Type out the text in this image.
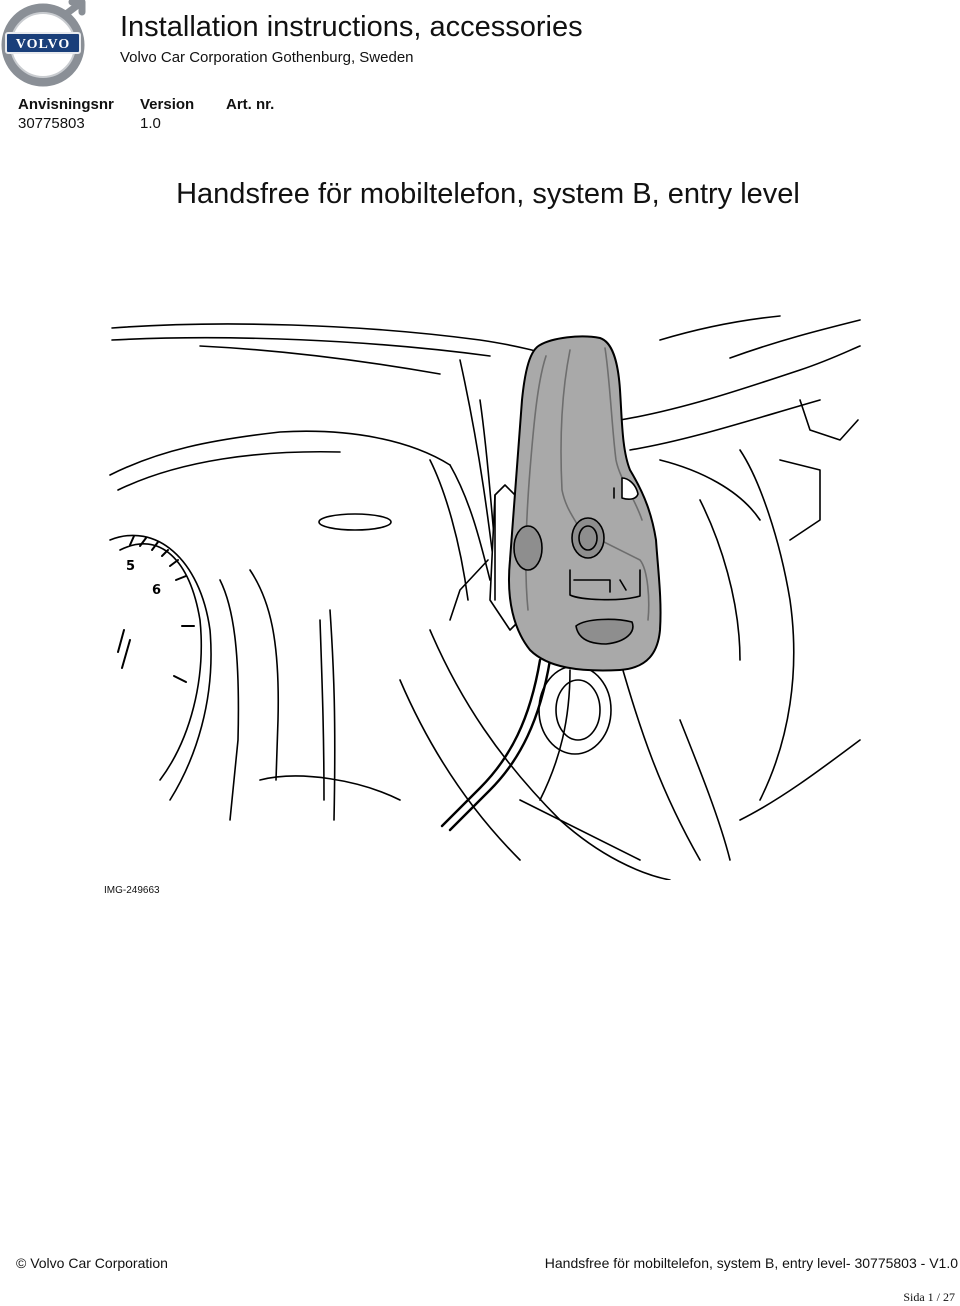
VOLVO
Installation instructions, accessories
Volvo Car Corporation Gothenburg, Sweden
Anvisningsnr Version Art. nr.
30775803	1.0
Handsfree för mobiltelefon, system B, entry level
5
6
IMG-249663
© Volvo Car Corporation	Handsfree för mobiltelefon, system B, entry level- 30775803 - V1.0
Sida 1 / 27
